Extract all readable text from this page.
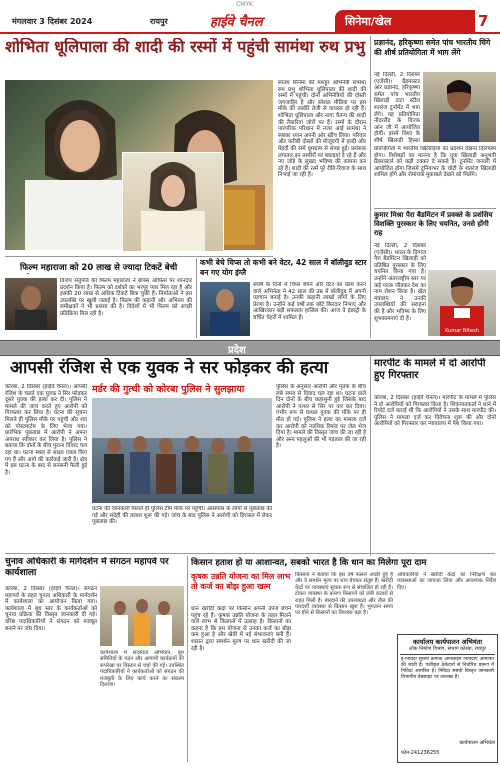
CMYK
मंगलवार 3 दिसंबर 2024	रायपुर	हाईवे चैनल	सिनेमा/खेल	7
शोभिता धूलिपाला की शादी की रस्मों में पहुंची सामंथा रुथ प्रभु
साउथ सिनेमा की मशहूर अभिनेत्री सामंथा रुथ प्रभु शोभिता धूलिपाला की शादी की रस्मों में पहुंचीं। दोनों अभिनेत्रियों की दोस्ती जगजाहिर है और सोशल मीडिया पर इस मौके की तस्वीरें तेजी से वायरल हो रही हैं। शोभिता धूलिपाला और नागा चैतन्य की शादी की तैयारियां जोरों पर हैं। रस्मों के दौरान पारंपरिक परिधान में नजर आईं सामंथा ने सबका ध्यान अपनी ओर खींच लिया। परिवार और करीबी दोस्तों की मौजूदगी में हल्दी और मेहंदी की रस्में धूमधाम से संपन्न हुईं। प्रशंसक लगातार इन तस्वीरों पर बधाइयां दे रहे हैं और नए जोड़े के सुखद भविष्य की कामना कर रहे हैं। शादी की रस्में पूरे रीति-रिवाज के साथ निभाई जा रही हैं।
प्रज्ञानंद, हरिकृष्णा समेत पांच भारतीय चिंगे की शीर्ष प्रतियोगिता में भाग लेंगे
नई दिल्ली, 2 दिसंबर (एजेंसी)। ग्रैंडमास्टर आर प्रज्ञानंद, हरिकृष्णा समेत पांच भारतीय खिलाड़ी टाटा स्टील शतरंज टूर्नामेंट में भाग लेंगे। यह प्रतियोगिता नीदरलैंड के विज्क आन जी में आयोजित होगी। इसमें विश्व के शीर्ष खिलाड़ी हिस्सा
प्रतियोगिता में भारतीय खिलाड़ियों का प्रदर्शन देखना दिलचस्प होगा। विशेषज्ञों का मानना है कि युवा खिलाड़ी अनुभवी ग्रैंडमास्टर्स को कड़ी टक्कर दे सकते हैं। टूर्नामेंट जनवरी में आयोजित होगा जिसमें दुनियाभर के चोटी के शतरंज खिलाड़ी शामिल होंगे और रोमांचक मुकाबले देखने को मिलेंगे।
कुमार मिश्रा पैरा बैडमिंटन में प्रवक्ते के प्रशंसिय विशक्ति पुरस्कार के लिए चयनित, उनसे होंगी राह
Kumar Nitesh
नई दिल्ली, 2 दिसंबर (एजेंसी)। भारत के दिग्गज पैरा बैडमिंटन खिलाड़ी को प्रतिष्ठित पुरस्कार के लिए चयनित किया गया है। उन्होंने अंतरराष्ट्रीय स्तर पर कई पदक जीतकर देश का नाम रोशन किया है। खेल मंत्रालय ने उनकी उपलब्धियों की सराहना की है और भविष्य के लिए शुभकामनाएं दी हैं।
फिल्म महाराजा को 20 लाख से ज्यादा टिकटें बेची
विजय सेतुपति की फिल्म महाराजा ने बॉक्स ऑफिस पर शानदार प्रदर्शन किया है। फिल्म को दर्शकों का भरपूर प्यार मिल रहा है और इसकी 20 लाख से अधिक टिकटें बिक चुकी हैं। निर्माताओं ने इस उपलब्धि पर खुशी जताई है। फिल्म की कहानी और अभिनय की समीक्षकों ने भी प्रशंसा की है। विदेशों में भी फिल्म को अच्छी प्रतिक्रिया मिल रही है।
कभी बेचे चिप्स तो कभी बने वेटर, 42 साल में बॉलीवुड स्टार बन गए योग इंग्लै
संघर्ष के दिनों में चिप्स बेचने और वेटर का काम करने वाले अभिनेता ने 42 साल की उम्र में बॉलीवुड में अपनी पहचान बनाई है। उनकी कहानी लाखों लोगों के लिए प्रेरणा है। उन्होंने कई वर्षों तक छोटे किरदार निभाए और आखिरकार बड़ी सफलता हासिल की। आज वे इंडस्ट्री के चर्चित चेहरों में शामिल हैं।
प्रदेश
आपसी रंजिश से एक युवक ने सर फोड़कर की हत्या
कोरबा, 2 दिसंबर (हाईवे चैनल)। आपसी रंजिश के चलते एक युवक ने सिर फोड़कर दूसरे युवक की हत्या कर दी। पुलिस ने मामले की जांच करते हुए आरोपी को गिरफ्तार कर लिया है। घटना की सूचना मिलते ही पुलिस मौके पर पहुंची और शव को पोस्टमार्टम के लिए भेजा गया। प्रारंभिक पूछताछ में आरोपी ने अपना अपराध स्वीकार कर लिया है। पुलिस ने बताया कि दोनों के बीच पुराना विवाद चल रहा था। घटना स्थल से साक्ष्य एकत्र किए गए हैं और आगे की कार्रवाई जारी है। क्षेत्र में इस घटना के बाद से सनसनी फैली हुई है।
मर्डर की गुत्थी को कोरबा पुलिस ने सुलझाया
घटना की जानकारी मिलते ही पुलिस टीम मौके पर पहुंची। आसपास के लोगों से पूछताछ की गई और संदेही की तलाश शुरू की गई। जांच के बाद पुलिस ने आरोपी को हिरासत में लेकर पूछताछ की।
पुलिस के अनुसार आरोपी और मृतक के बीच लंबे समय से विवाद चल रहा था। घटना वाले दिन दोनों के बीच कहासुनी हुई जिसके बाद आरोपी ने पत्थर से सिर पर वार कर दिया। गंभीर रूप से घायल युवक की मौके पर ही मौत हो गई। पुलिस ने हत्या का मामला दर्ज कर आरोपी को न्यायिक रिमांड पर जेल भेज दिया है। मामले की विस्तृत जांच की जा रही है और अन्य पहलुओं की भी पड़ताल की जा रही है।
मारपीट के मामले में दो आरोपी हुए गिरफ्तार
कोरबा, 2 दिसंबर (हाईवे चैनल)। मारपीट के मामले में पुलिस ने दो आरोपियों को गिरफ्तार किया है। शिकायतकर्ता ने थाने में रिपोर्ट दर्ज कराई थी कि आरोपियों ने उसके साथ मारपीट की। पुलिस ने मामला दर्ज कर विवेचना शुरू की और दोनों आरोपियों को गिरफ्तार कर न्यायालय में पेश किया गया।
चुनाव अधिकारी के मार्गदर्शन में संगठन महापर्व पर कार्यशाला
कोरबा, 2 दिसंबर (हाईवे चैनल)। संगठन महापर्व के तहत चुनाव अधिकारी के मार्गदर्शन में कार्यशाला का आयोजन किया गया। कार्यशाला में बूथ स्तर के कार्यकर्ताओं को चुनाव प्रक्रिया की विस्तृत जानकारी दी गई। वरिष्ठ पदाधिकारियों ने संगठन को मजबूत बनाने पर जोर दिया।
कार्यशाला में सदस्यता अभियान, बूथ समितियों के गठन और आगामी कार्यक्रमों की रूपरेखा पर विस्तार से चर्चा की गई। उपस्थित पदाधिकारियों ने कार्यकर्ताओं को संगठन की मजबूती के लिए कार्य करने का संकल्प दिलाया।
किसान हताश हो या आशान्वत, सबको भारत है कि धान का मिलेगा पूरा दाम
कृषक उन्नति योजना का मिल लाभ तो कर्ज का बोझ हुआ खत्म
धान खरीदी केंद्रों पर किसान अपनी उपज बेचने पहुंच रहे हैं। कृषक उन्नति योजना के तहत मिलने वाले लाभ से किसानों में उत्साह है। किसानों का कहना है कि इस योजना से उनका कर्ज का बोझ कम हुआ है और खेती में नई संभावनाएं बनी हैं। शासन द्वारा समर्थन मूल्य पर धान खरीदी की जा रही है।
किसानों ने बताया कि इस वर्ष फसल अच्छी हुई है और वे समर्थन मूल्य पर धान बेचकर संतुष्ट हैं। खरीदी केंद्रों पर व्यवस्थाएं सुचारु रूप से संचालित हो रही हैं। टोकन व्यवस्था के कारण किसानों को लंबी कतारों से राहत मिली है। बारदाने की उपलब्धता और तौल की पारदर्शी व्यवस्था से किसान खुश हैं। भुगतान समय पर होने से किसानों का विश्वास बढ़ा है।
अधिकारियों ने खरीदी केंद्रों का निरीक्षण कर व्यवस्थाओं का जायजा लिया और आवश्यक निर्देश दिए।
कार्यालय कार्यपालन अभियंता
लोक निर्माण विभाग, संभाग कोरबा, रायपुर
ई-निविदा सूचना क्रमांक ऑनलाइन निविदाएं आमंत्रित की जाती हैं। पंजीकृत ठेकेदारों से निर्धारित प्रारूप में निविदा आमंत्रित है। निविदा संबंधी विस्तृत जानकारी विभागीय वेबसाइट पर उपलब्ध है।
कार्यपालन अभियंता
फोन-241236255
